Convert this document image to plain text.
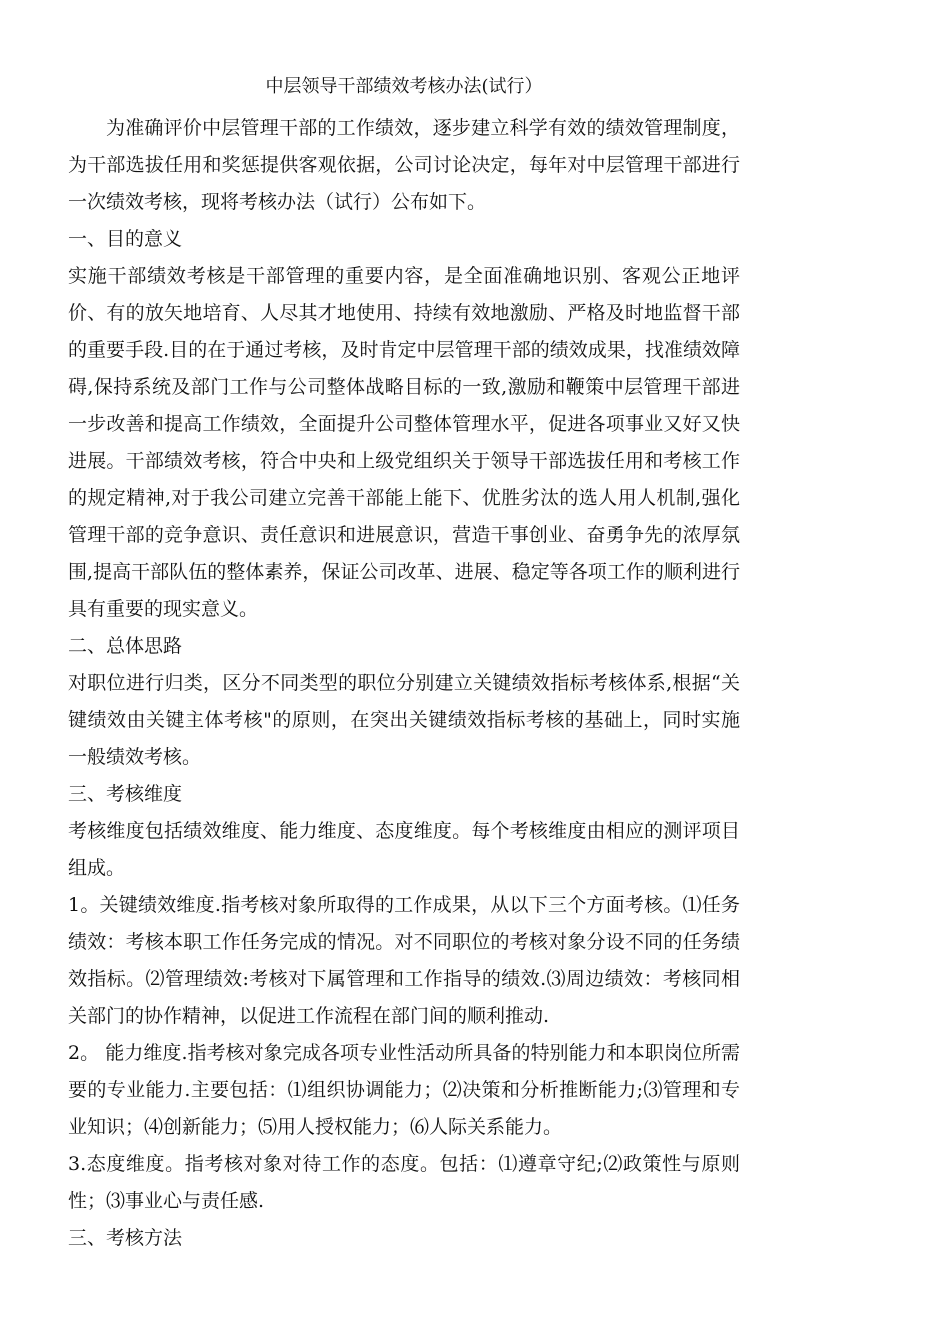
中层领导干部绩效考核办法(试行）

为准确评价中层管理干部的工作绩效，逐步建立科学有效的绩效管理制度，为干部选拔任用和奖惩提供客观依据，公司讨论决定，每年对中层管理干部进行一次绩效考核，现将考核办法（试行）公布如下。

一、目的意义

实施干部绩效考核是干部管理的重要内容，是全面准确地识别、客观公正地评价、有的放矢地培育、人尽其才地使用、持续有效地激励、严格及时地监督干部的重要手段.目的在于通过考核，及时肯定中层管理干部的绩效成果，找准绩效障碍,保持系统及部门工作与公司整体战略目标的一致,激励和鞭策中层管理干部进一步改善和提高工作绩效，全面提升公司整体管理水平，促进各项事业又好又快进展。干部绩效考核，符合中央和上级党组织关于领导干部选拔任用和考核工作的规定精神,对于我公司建立完善干部能上能下、优胜劣汰的选人用人机制,强化管理干部的竞争意识、责任意识和进展意识，营造干事创业、奋勇争先的浓厚氛围,提高干部队伍的整体素养，保证公司改革、进展、稳定等各项工作的顺利进行具有重要的现实意义。

二、总体思路

对职位进行归类，区分不同类型的职位分别建立关键绩效指标考核体系,根据“关键绩效由关键主体考核"的原则，在突出关键绩效指标考核的基础上，同时实施一般绩效考核。

三、考核维度

考核维度包括绩效维度、能力维度、态度维度。每个考核维度由相应的测评项目组成。

1。关键绩效维度.指考核对象所取得的工作成果，从以下三个方面考核。⑴任务绩效：考核本职工作任务完成的情况。对不同职位的考核对象分设不同的任务绩效指标。⑵管理绩效:考核对下属管理和工作指导的绩效.⑶周边绩效：考核同相关部门的协作精神，以促进工作流程在部门间的顺利推动.

2。 能力维度.指考核对象完成各项专业性活动所具备的特别能力和本职岗位所需要的专业能力.主要包括：⑴组织协调能力；⑵决策和分析推断能力;⑶管理和专业知识；⑷创新能力；⑸用人授权能力；⑹人际关系能力。

3.态度维度。指考核对象对待工作的态度。包括：⑴遵章守纪;⑵政策性与原则性；⑶事业心与责任感.

三、考核方法
